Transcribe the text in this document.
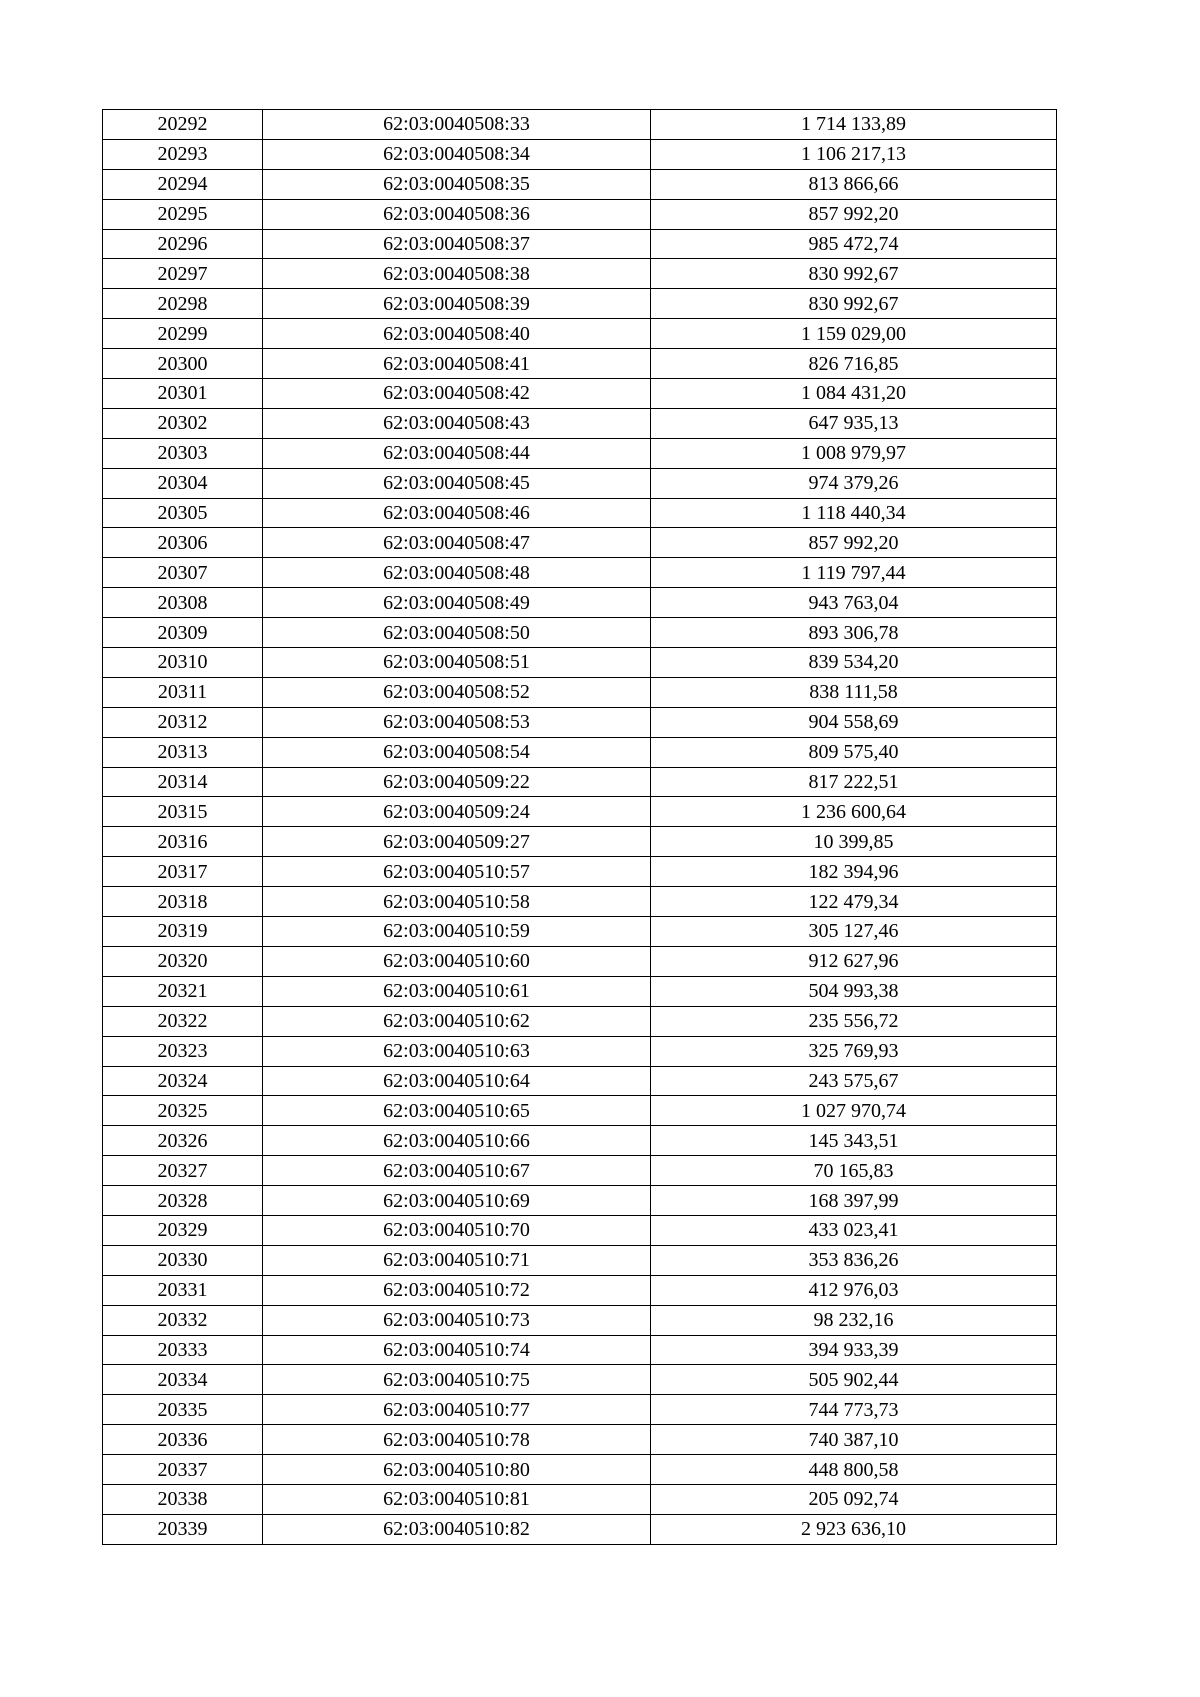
20292	62:03:0040508:33	1 714 133,89
20293	62:03:0040508:34	1 106 217,13
20294	62:03:0040508:35	813 866,66
20295	62:03:0040508:36	857 992,20
20296	62:03:0040508:37	985 472,74
20297	62:03:0040508:38	830 992,67
20298	62:03:0040508:39	830 992,67
20299	62:03:0040508:40	1 159 029,00
20300	62:03:0040508:41	826 716,85
20301	62:03:0040508:42	1 084 431,20
20302	62:03:0040508:43	647 935,13
20303	62:03:0040508:44	1 008 979,97
20304	62:03:0040508:45	974 379,26
20305	62:03:0040508:46	1 118 440,34
20306	62:03:0040508:47	857 992,20
20307	62:03:0040508:48	1 119 797,44
20308	62:03:0040508:49	943 763,04
20309	62:03:0040508:50	893 306,78
20310	62:03:0040508:51	839 534,20
20311	62:03:0040508:52	838 111,58
20312	62:03:0040508:53	904 558,69
20313	62:03:0040508:54	809 575,40
20314	62:03:0040509:22	817 222,51
20315	62:03:0040509:24	1 236 600,64
20316	62:03:0040509:27	10 399,85
20317	62:03:0040510:57	182 394,96
20318	62:03:0040510:58	122 479,34
20319	62:03:0040510:59	305 127,46
20320	62:03:0040510:60	912 627,96
20321	62:03:0040510:61	504 993,38
20322	62:03:0040510:62	235 556,72
20323	62:03:0040510:63	325 769,93
20324	62:03:0040510:64	243 575,67
20325	62:03:0040510:65	1 027 970,74
20326	62:03:0040510:66	145 343,51
20327	62:03:0040510:67	70 165,83
20328	62:03:0040510:69	168 397,99
20329	62:03:0040510:70	433 023,41
20330	62:03:0040510:71	353 836,26
20331	62:03:0040510:72	412 976,03
20332	62:03:0040510:73	98 232,16
20333	62:03:0040510:74	394 933,39
20334	62:03:0040510:75	505 902,44
20335	62:03:0040510:77	744 773,73
20336	62:03:0040510:78	740 387,10
20337	62:03:0040510:80	448 800,58
20338	62:03:0040510:81	205 092,74
20339	62:03:0040510:82	2 923 636,10
